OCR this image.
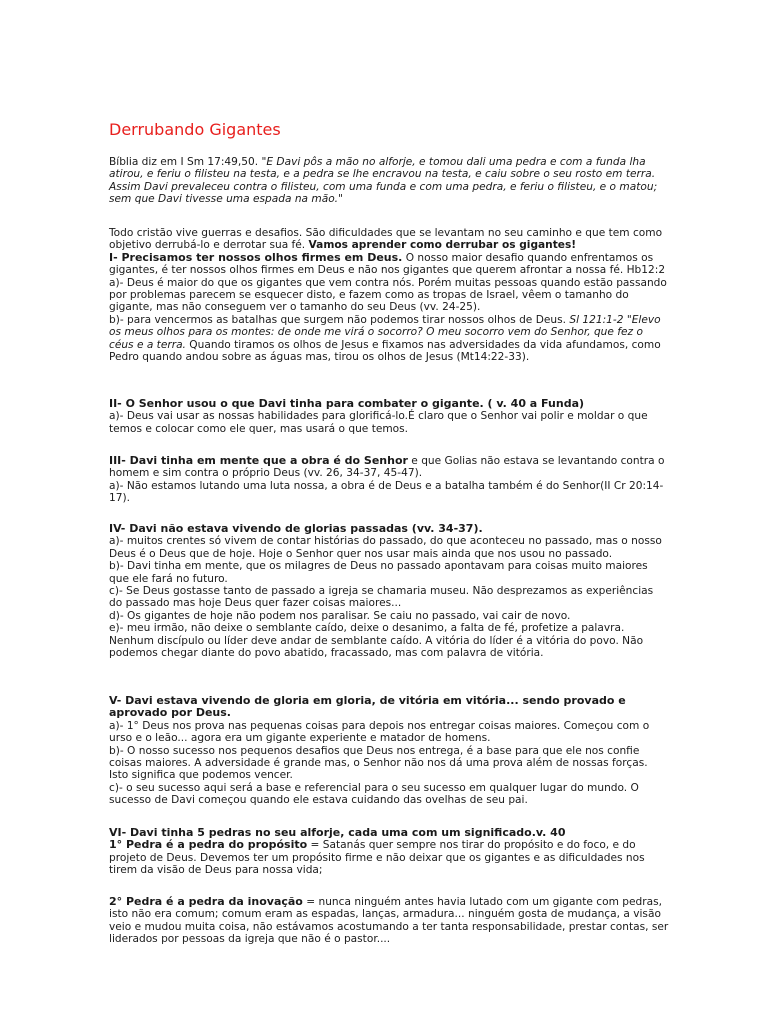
Derrubando Gigantes

Bíblia diz em I Sm 17:49,50. "E Davi pôs a mão no alforje, e tomou dali uma pedra e com a funda lha atirou, e feriu o filisteu na testa, e a pedra se lhe encravou na testa, e caiu sobre o seu rosto em terra. Assim Davi prevaleceu contra o filisteu, com uma funda e com uma pedra, e feriu o filisteu, e o matou; sem que Davi tivesse uma espada na mão."

Todo cristão vive guerras e desafios. São dificuldades que se levantam no seu caminho e que tem como objetivo derrubá-lo e derrotar sua fé. Vamos aprender como derrubar os gigantes!

I- Precisamos ter nossos olhos firmes em Deus. O nosso maior desafio quando enfrentamos os gigantes, é ter nossos olhos firmes em Deus e não nos gigantes que querem afrontar a nossa fé. Hb12:2

a)- Deus é maior do que os gigantes que vem contra nós. Porém muitas pessoas quando estão passando por problemas parecem se esquecer disto, e fazem como as tropas de Israel, vêem o tamanho do gigante, mas não conseguem ver o tamanho do seu Deus (vv. 24-25).

b)- para vencermos as batalhas que surgem não podemos tirar nossos olhos de Deus. Sl 121:1-2 "Elevo os meus olhos para os montes: de onde me virá o socorro? O meu socorro vem do Senhor, que fez o céus e a terra. Quando tiramos os olhos de Jesus e fixamos nas adversidades da vida afundamos, como Pedro quando andou sobre as águas mas, tirou os olhos de Jesus (Mt14:22-33).

II- O Senhor usou o que Davi tinha para combater o gigante. ( v. 40 a Funda)

a)- Deus vai usar as nossas habilidades para glorificá-lo.É claro que o Senhor vai polir e moldar o que temos e colocar como ele quer, mas usará o que temos.

III- Davi tinha em mente que a obra é do Senhor e que Golias não estava se levantando contra o homem e sim contra o próprio Deus (vv. 26, 34-37, 45-47).

a)- Não estamos lutando uma luta nossa, a obra é de Deus e a batalha também é do Senhor(II Cr 20:14-17).

IV- Davi não estava vivendo de glorias passadas (vv. 34-37).

a)- muitos crentes só vivem de contar histórias do passado, do que aconteceu no passado, mas o nosso Deus é o Deus que de hoje. Hoje o Senhor quer nos usar mais ainda que nos usou no passado.

b)- Davi tinha em mente, que os milagres de Deus no passado apontavam para coisas muito maiores que ele fará no futuro.

c)- Se Deus gostasse tanto de passado a igreja se chamaria museu. Não desprezamos as experiências do passado mas hoje Deus quer fazer coisas maiores...

d)- Os gigantes de hoje não podem nos paralisar. Se caiu no passado, vai cair de novo.

e)- meu irmão, não deixe o semblante caído, deixe o desanimo, a falta de fé, profetize a palavra. Nenhum discípulo ou líder deve andar de semblante caído. A vitória do líder é a vitória do povo. Não podemos chegar diante do povo abatido, fracassado, mas com palavra de vitória.

V- Davi estava vivendo de gloria em gloria, de vitória em vitória... sendo provado e aprovado por Deus.

a)- 1° Deus nos prova nas pequenas coisas para depois nos entregar coisas maiores. Começou com o urso e o leão... agora era um gigante experiente e matador de homens.

b)- O nosso sucesso nos pequenos desafios que Deus nos entrega, é a base para que ele nos confie coisas maiores. A adversidade é grande mas, o Senhor não nos dá uma prova além de nossas forças. Isto significa que podemos vencer.

c)- o seu sucesso aqui será a base e referencial para o seu sucesso em qualquer lugar do mundo. O sucesso de Davi começou quando ele estava cuidando das ovelhas de seu pai.

VI- Davi tinha 5 pedras no seu alforje, cada uma com um significado.v. 40

1° Pedra é a pedra do propósito = Satanás quer sempre nos tirar do propósito e do foco, e do projeto de Deus. Devemos ter um propósito firme e não deixar que os gigantes e as dificuldades nos tirem da visão de Deus para nossa vida;

2° Pedra é a pedra da inovação = nunca ninguém antes havia lutado com um gigante com pedras, isto não era comum; comum eram as espadas, lanças, armadura... ninguém gosta de mudança, a visão veio e mudou muita coisa, não estávamos acostumando a ter tanta responsabilidade, prestar contas, ser liderados por pessoas da igreja que não é o pastor....
